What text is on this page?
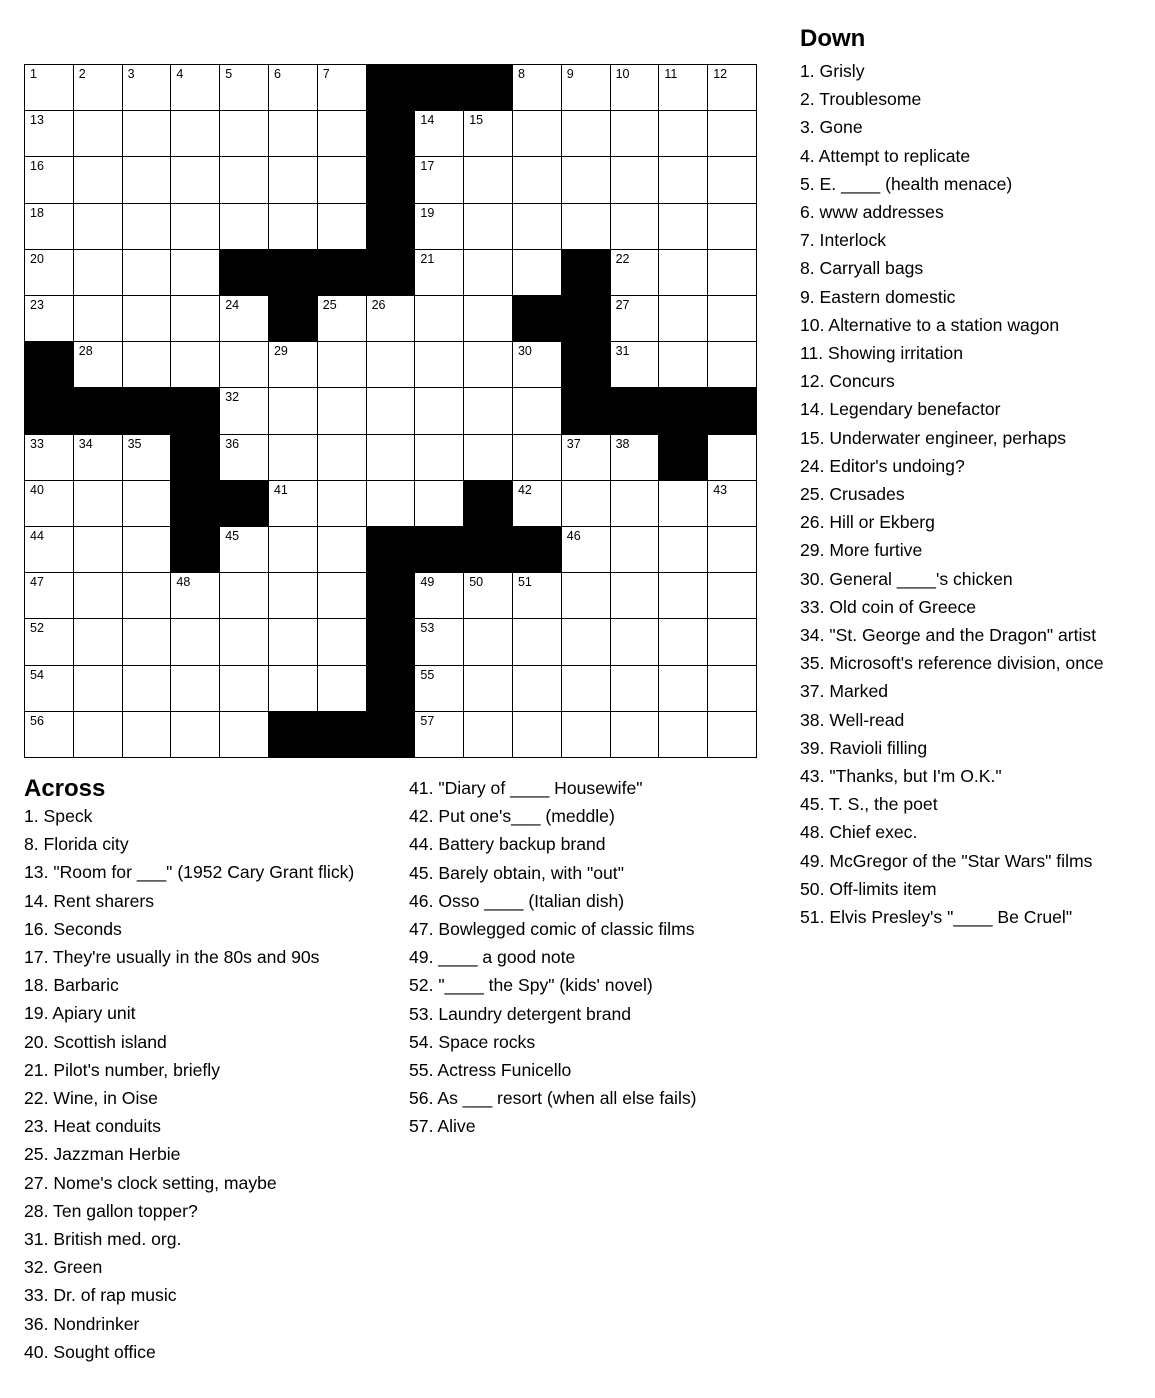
1	2	3	4	5	6	7	8	9	10	11	12
13	14	15
16	17
18	19
20	21	22
23	24	25	26	27
28	29	30	31
32
33	34	35	36	37	38
40	41	42	43
44	45	46
47	48	49	50	51
52	53
54	55
56	57
Down
1. Grisly
2. Troublesome
3. Gone
4. Attempt to replicate
5. E. ____ (health menace)
6. www addresses
7. Interlock
8. Carryall bags
9. Eastern domestic
10. Alternative to a station wagon
11. Showing irritation
12. Concurs
14. Legendary benefactor
15. Underwater engineer, perhaps
24. Editor's undoing?
25. Crusades
26. Hill or Ekberg
29. More furtive
30. General ____'s chicken
33. Old coin of Greece
34. "St. George and the Dragon" artist
35. Microsoft's reference division, once
37. Marked
38. Well-read
39. Ravioli filling
43. "Thanks, but I'm O.K."
45. T. S., the poet
48. Chief exec.
49. McGregor of the "Star Wars" films
50. Off-limits item
51. Elvis Presley's "____ Be Cruel"
Across
1. Speck
8. Florida city
13. "Room for ___" (1952 Cary Grant flick)
14. Rent sharers
16. Seconds
17. They're usually in the 80s and 90s
18. Barbaric
19. Apiary unit
20. Scottish island
21. Pilot's number, briefly
22. Wine, in Oise
23. Heat conduits
25. Jazzman Herbie
27. Nome's clock setting, maybe
28. Ten gallon topper?
31. British med. org.
32. Green
33. Dr. of rap music
36. Nondrinker
40. Sought office
41. "Diary of ____ Housewife"
42. Put one's___ (meddle)
44. Battery backup brand
45. Barely obtain, with "out"
46. Osso ____ (Italian dish)
47. Bowlegged comic of classic films
49. ____ a good note
52. "____ the Spy" (kids' novel)
53. Laundry detergent brand
54. Space rocks
55. Actress Funicello
56. As ___ resort (when all else fails)
57. Alive
